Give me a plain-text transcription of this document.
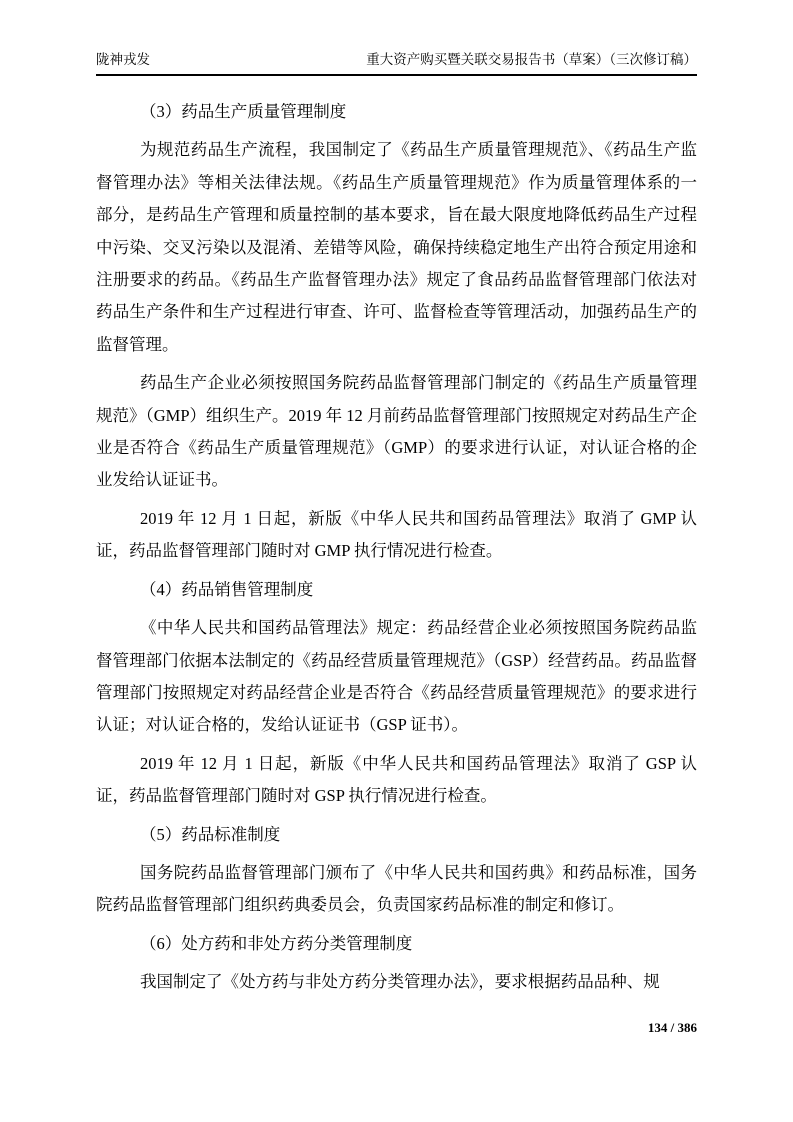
陇神戎发	重大资产购买暨关联交易报告书（草案）（三次修订稿）

（3）药品生产质量管理制度

为规范药品生产流程，我国制定了《药品生产质量管理规范》、《药品生产监督管理办法》等相关法律法规。《药品生产质量管理规范》作为质量管理体系的一部分，是药品生产管理和质量控制的基本要求，旨在最大限度地降低药品生产过程中污染、交叉污染以及混淆、差错等风险，确保持续稳定地生产出符合预定用途和注册要求的药品。《药品生产监督管理办法》规定了食品药品监督管理部门依法对药品生产条件和生产过程进行审查、许可、监督检查等管理活动，加强药品生产的监督管理。

药品生产企业必须按照国务院药品监督管理部门制定的《药品生产质量管理规范》（GMP）组织生产。2019 年 12 月前药品监督管理部门按照规定对药品生产企业是否符合《药品生产质量管理规范》（GMP）的要求进行认证，对认证合格的企业发给认证证书。

2019 年 12 月 1 日起，新版《中华人民共和国药品管理法》取消了 GMP 认证，药品监督管理部门随时对 GMP 执行情况进行检查。

（4）药品销售管理制度

《中华人民共和国药品管理法》规定：药品经营企业必须按照国务院药品监督管理部门依据本法制定的《药品经营质量管理规范》（GSP）经营药品。药品监督管理部门按照规定对药品经营企业是否符合《药品经营质量管理规范》的要求进行认证；对认证合格的，发给认证证书（GSP 证书）。

2019 年 12 月 1 日起，新版《中华人民共和国药品管理法》取消了 GSP 认证，药品监督管理部门随时对 GSP 执行情况进行检查。

（5）药品标准制度

国务院药品监督管理部门颁布了《中华人民共和国药典》和药品标准，国务院药品监督管理部门组织药典委员会，负责国家药品标准的制定和修订。

（6）处方药和非处方药分类管理制度

我国制定了《处方药与非处方药分类管理办法》，要求根据药品品种、规

134 / 386
